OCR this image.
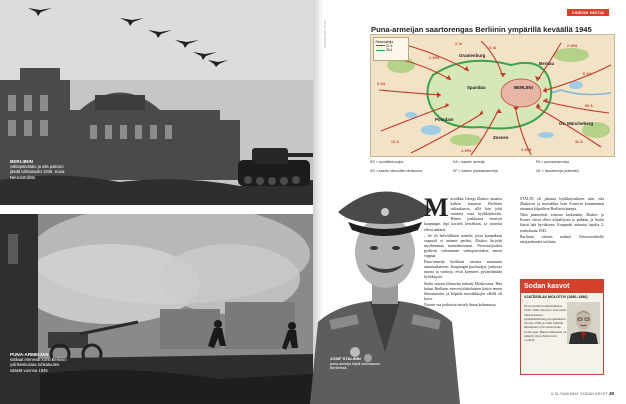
BERLIININ
valtiopäivätalo ja sitä pakoon jäädä tuhkatuulet 1945. Kuva: Neuvostoliitto
PUNA-ARMEIJAN
sotilaat etenevät kohti Berliinin ydinkeskustaa tuhkatuulen säästä vuonna 1945
VIDEON HISTIA
KUVA: AKG IMAGES	Puna-armeijan saartorengas Berliinin ympärillä keväällä 1945
3. IA
5. IA	2. KPA
8. KA
69. A
33. A
3. KPA
4. KPA
13. A
5. KA
1. KPA
Rintamalinja
21.4.
25.4.
BERLIINI
Oranienburg
Bernau
Potsdam
Ov. Müncheberg
Zossen
Spandau
RS = rynnäkkösuojus	KA = kaartin armeija	PA = panssariarmeija
AS = kaartin ratsuväen divisioona	KP = kaartin panssariarmeija	UK = iskuarmeija (sotaväki)
JOSIF STALININ
puna-armeija käytti sotimaansa Berliinissä.
M arsalkka Georgi Zhukov ansaitsi kaiken kunnian Berliinin valtauksesta, sillä hän johti suurinta osaa hyökkäyksestä. Hänen joukkonsa etenivät kaupungin läpi kortteli kerrallaan, ja taistelut olivat ankarat.

– Se oli helvetillinen taistelu, jossa kumpikaan osapuoli ei antanut periksi, Zhukov kirjoitti myöhemmin muistelmissaan. Neuvostojoukot pyrkivät valtaamaan valtiopäivätalon ennen vappua.

Puna-armeija hyökkäsi useasta suunnasta samanaikaisesti. Kaupungin puolustajat, joukossa nuoria ja vanhoja, eivät kyenneet pysäyttämään hyökkäystä.

Stalin seurasi tilannetta tarkasti Moskovasta. Hän halusi Berliinin neuvostoliittolaisten käsiin ennen liittoutuneita, ja kilpailu marsalkkojen välillä oli kova.

Nuorin osa joukoista taisteli ilman kokemusta.

STALIN oli jakanut hyökkäysalueen niin, että Zhukovin ja marsalkka Ivan Konevin komentamat rintamat kilpailivat Berliinin kunnia.

Näin jännitettiin toisiaan keskenään. Zhukov ja Konev olivat olleet kilpailijoita jo pitkään, ja Stalin käytti tätä hyväkseen. Kaupunki antautui lopulta 2. toukokuuta 1945.

Berliinin valtaus maksoi Neuvostoliitolle satojatuhansia sotilaita.

Sodan kasvot
VJATŠESLAV MOLOTOV (1890–1986)
Neuvostoliiton ulkoministeri 1939–1949. Molotov neuvotteli Saksan kanssa hyökkäämättömyyssopimuksen vuonna 1939 ja toimi Stalinin lähimpänä työtoverina koko sodan ajan. Hänen mukaansa on nimetty myös Molotovin cocktail.
ILTA-SANOMAT SODAN ARVET 49
